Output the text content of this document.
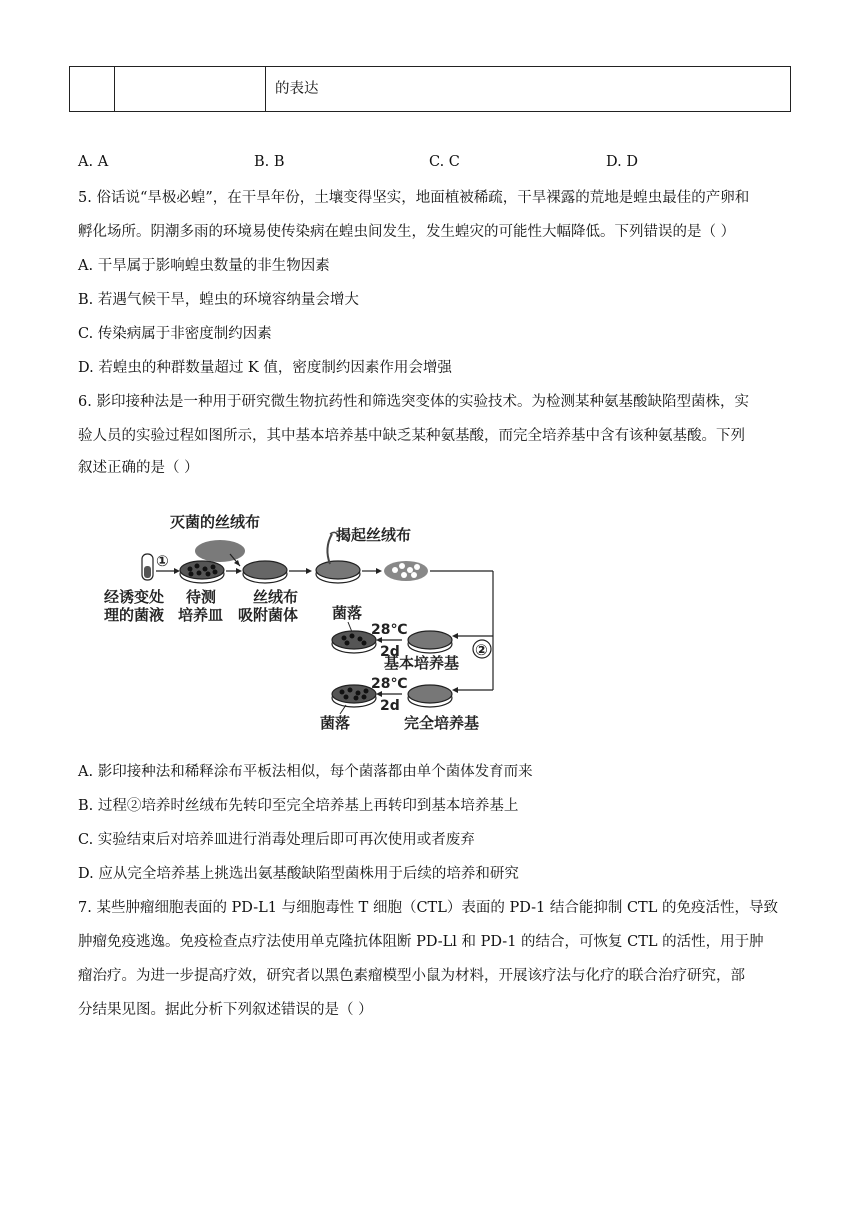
的表达
A. A	B. B	C. C	D. D
5. 俗话说“旱极必蝗”，在干旱年份，土壤变得坚实，地面植被稀疏，干旱裸露的荒地是蝗虫最佳的产卵和
孵化场所。阴潮多雨的环境易使传染病在蝗虫间发生，发生蝗灾的可能性大幅降低。下列错误的是（ ）
A. 干旱属于影响蝗虫数量的非生物因素
B. 若遇气候干旱，蝗虫的环境容纳量会增大
C. 传染病属于非密度制约因素
D. 若蝗虫的种群数量超过 K 值，密度制约因素作用会增强
6. 影印接种法是一种用于研究微生物抗药性和筛选突变体的实验技术。为检测某种氨基酸缺陷型菌株，实
验人员的实验过程如图所示，其中基本培养基中缺乏某种氨基酸，而完全培养基中含有该种氨基酸。下列
叙述正确的是（ ）
灭菌的丝绒布
①
揭起丝绒布
②
经诱变处
理的菌液
待测
培养皿
丝绒布
吸附菌体 菌落
28℃
2d
基本培养基
28℃
2d
菌落	完全培养基
A. 影印接种法和稀释涂布平板法相似，每个菌落都由单个菌体发育而来
B. 过程②培养时丝绒布先转印至完全培养基上再转印到基本培养基上
C. 实验结束后对培养皿进行消毒处理后即可再次使用或者废弃
D. 应从完全培养基上挑选出氨基酸缺陷型菌株用于后续的培养和研究
7. 某些肿瘤细胞表面的 PD-L1 与细胞毒性 T 细胞（CTL）表面的 PD-1 结合能抑制 CTL 的免疫活性，导致
肿瘤免疫逃逸。免疫检查点疗法使用单克隆抗体阻断 PD-Ll 和 PD-1 的结合，可恢复 CTL 的活性，用于肿
瘤治疗。为进一步提高疗效，研究者以黑色素瘤模型小鼠为材料，开展该疗法与化疗的联合治疗研究，部
分结果见图。据此分析下列叙述错误的是（ ）
